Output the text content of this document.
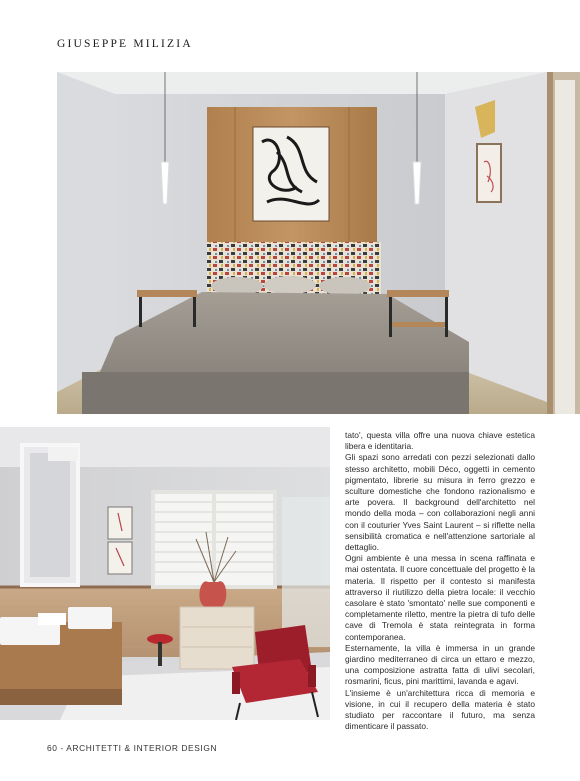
GIUSEPPE MILIZIA

tato', questa villa offre una nuova chiave estetica libera e identitaria.

Gli spazi sono arredati con pezzi selezionati dallo stesso architetto, mobili Déco, oggetti in cemento pigmentato, librerie su misura in ferro grezzo e sculture domestiche che fondono razionalismo e arte povera. Il background dell'architetto nel mondo della moda – con collaborazioni negli anni con il couturier Yves Saint Laurent – si riflette nella sensibilità cromatica e nell'attenzione sartoriale al dettaglio.

Ogni ambiente è una messa in scena raffinata e mai ostentata. Il cuore concettuale del progetto è la materia. Il rispetto per il contesto si manifesta attraverso il riutilizzo della pietra locale: il vecchio casolare è stato 'smontato' nelle sue componenti e completamente riletto, mentre la pietra di tufo delle cave di Tremola è stata reintegrata in forma contemporanea.

Esternamente, la villa è immersa in un grande giardino mediterraneo di circa un ettaro e mezzo, una composizione astratta fatta di ulivi secolari, rosmarini, ficus, pini marittimi, lavanda e agavi.

L'insieme è un'architettura ricca di memoria e visione, in cui il recupero della materia è stato studiato per raccontare il futuro, ma senza dimenticare il passato.

60 - ARCHITETTI & INTERIOR DESIGN
